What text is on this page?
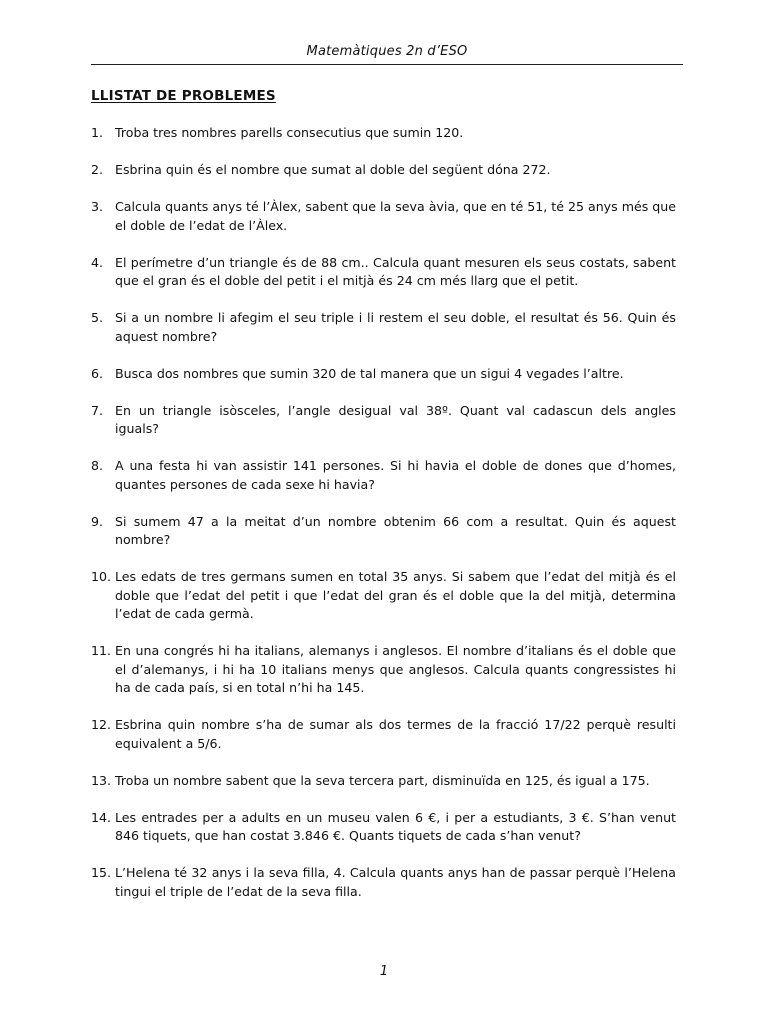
Matemàtiques 2n d’ESO
LLISTAT DE PROBLEMES
1. Troba tres nombres parells consecutius que sumin 120.
2. Esbrina quin és el nombre que sumat al doble del següent dóna 272.
3. Calcula quants anys té l’Àlex, sabent que la seva àvia, que en té 51, té 25 anys més que el doble de l’edat de l’Àlex.
4. El perímetre d’un triangle és de 88 cm.. Calcula quant mesuren els seus costats, sabent que el gran és el doble del petit i el mitjà és 24 cm més llarg que el petit.
5. Si a un nombre li afegim el seu triple i li restem el seu doble, el resultat és 56. Quin és aquest nombre?
6. Busca dos nombres que sumin 320 de tal manera que un sigui 4 vegades l’altre.
7. En un triangle isòsceles, l’angle desigual val 38º. Quant val cadascun dels angles iguals?
8. A una festa hi van assistir 141 persones. Si hi havia el doble de dones que d’homes, quantes persones de cada sexe hi havia?
9. Si sumem 47 a la meitat d’un nombre obtenim 66 com a resultat. Quin és aquest nombre?
10. Les edats de tres germans sumen en total 35 anys. Si sabem que l’edat del mitjà és el doble que l’edat del petit i que l’edat del gran és el doble que la del mitjà, determina l’edat de cada germà.
11. En una congrés hi ha italians, alemanys i anglesos. El nombre d’italians és el doble que el d’alemanys, i hi ha 10 italians menys que anglesos. Calcula quants congressistes hi ha de cada país, si en total n’hi ha 145.
12. Esbrina quin nombre s’ha de sumar als dos termes de la fracció 17/22 perquè resulti equivalent a 5/6.
13. Troba un nombre sabent que la seva tercera part, disminuïda en 125, és igual a 175.
14. Les entrades per a adults en un museu valen 6 €, i per a estudiants, 3 €. S’han venut 846 tiquets, que han costat 3.846 €. Quants tiquets de cada s’han venut?
15. L’Helena té 32 anys i la seva filla, 4. Calcula quants anys han de passar perquè l’Helena tingui el triple de l’edat de la seva filla.
1
